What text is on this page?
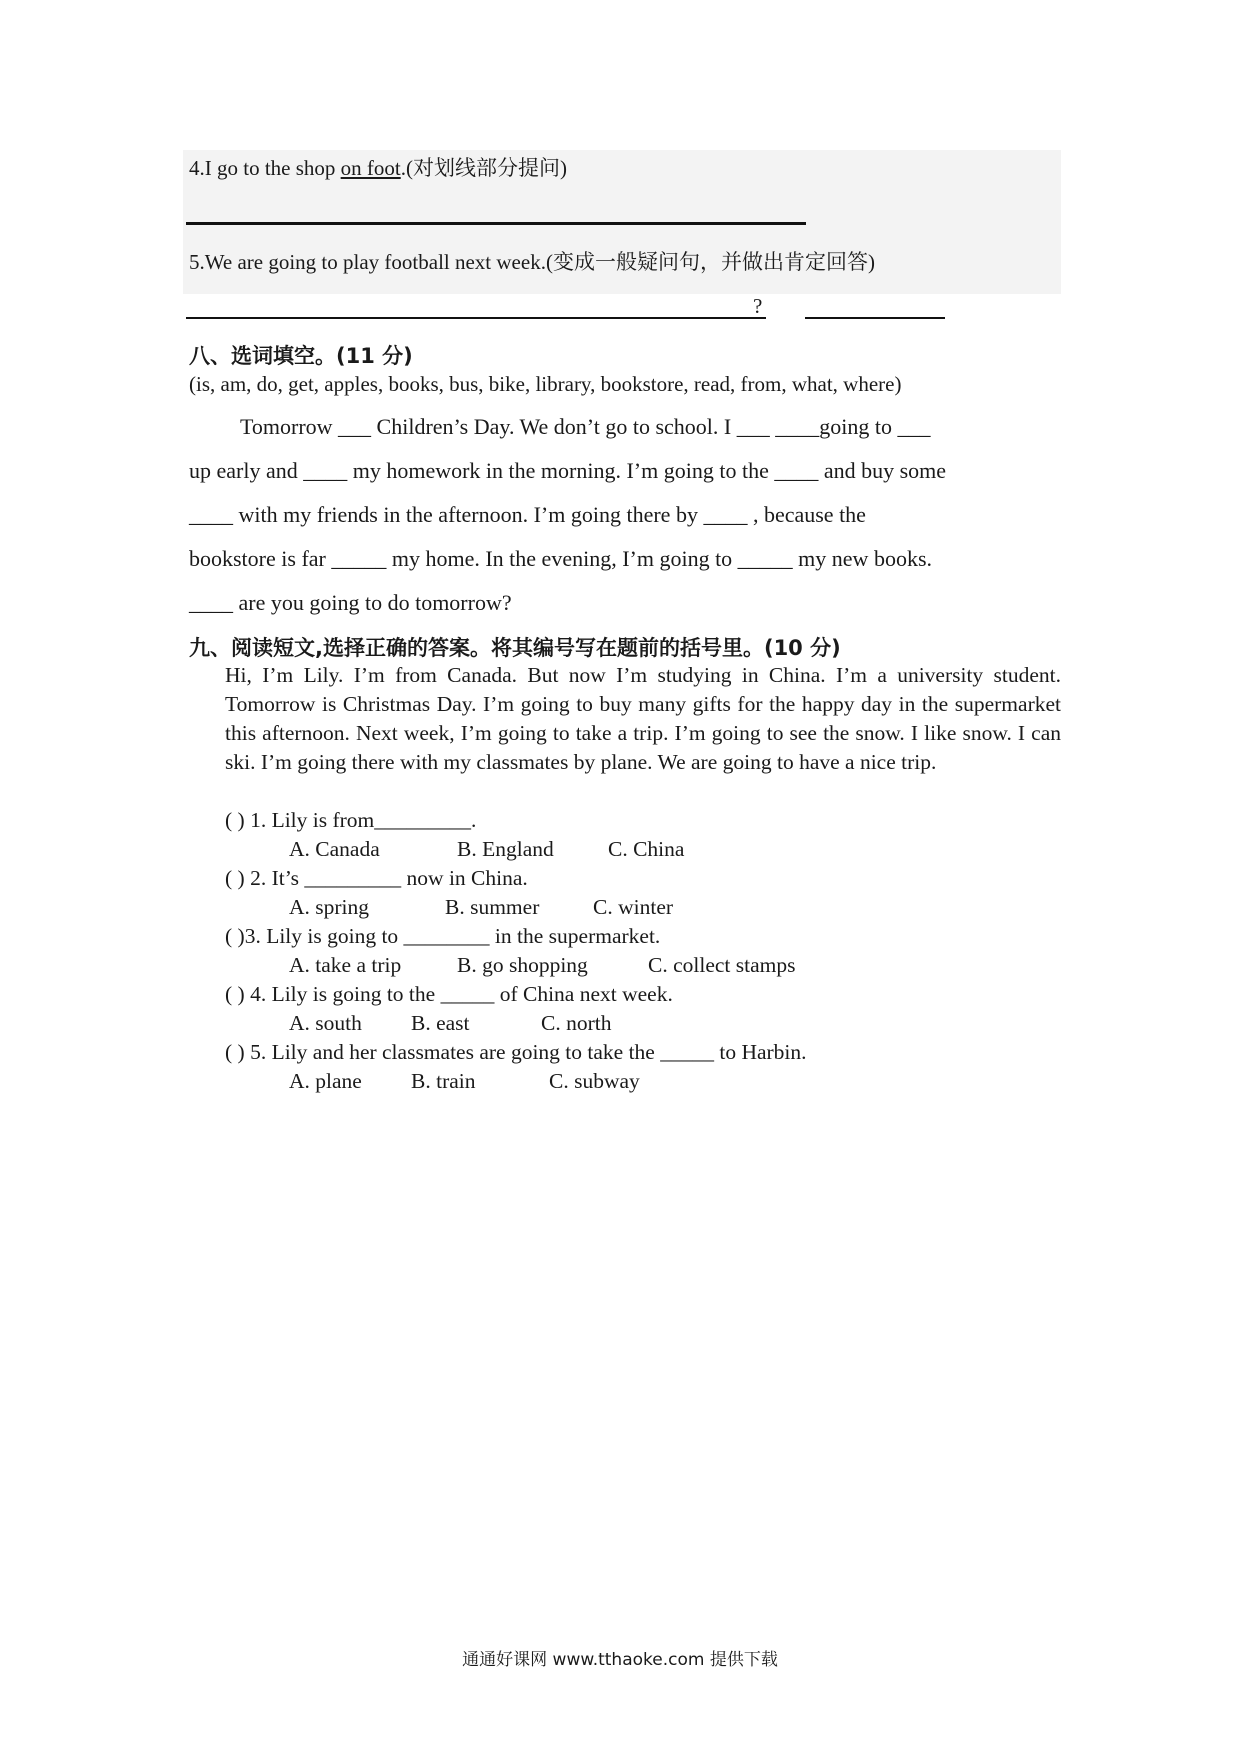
4.I go to the shop on foot.(对划线部分提问)
5.We are going to play football next week.(变成一般疑问句，并做出肯定回答)
?
八、选词填空。(11 分)
(is, am, do, get, apples, books, bus, bike, library, bookstore, read, from, what, where)

Tomorrow ___ Children’s Day. We don’t go to school. I ___ ____going to ___

up early and ____ my homework in the morning. I’m going to the ____ and buy some

____ with my friends in the afternoon. I’m going there by ____ , because the

bookstore is far _____ my home. In the evening, I’m going to _____ my new books.

____ are you going to do tomorrow?

九、阅读短文,选择正确的答案。将其编号写在题前的括号里。(10 分)

Hi, I’m Lily. I’m from Canada. But now I’m studying in China. I’m a university student. Tomorrow is Christmas Day. I’m going to buy many gifts for the happy day in the supermarket this afternoon. Next week, I’m going to take a trip. I’m going to see the snow. I like snow. I can ski. I’m going there with my classmates by plane. We are going to have a nice trip.

( ) 1. Lily is from_________.
A. Canada	B. England	C. China
( ) 2. It’s _________ now in China.
A. spring	B. summer C. winter
( )3. Lily is going to ________ in the supermarket.
A. take a trip	B. go shopping	C. collect stamps
( ) 4. Lily is going to the _____ of China next week.
A. south B. east	C. north
( ) 5. Lily and her classmates are going to take the _____ to Harbin.
A. plane B. train	C. subway
通通好课网 www.tthaoke.com 提供下载
